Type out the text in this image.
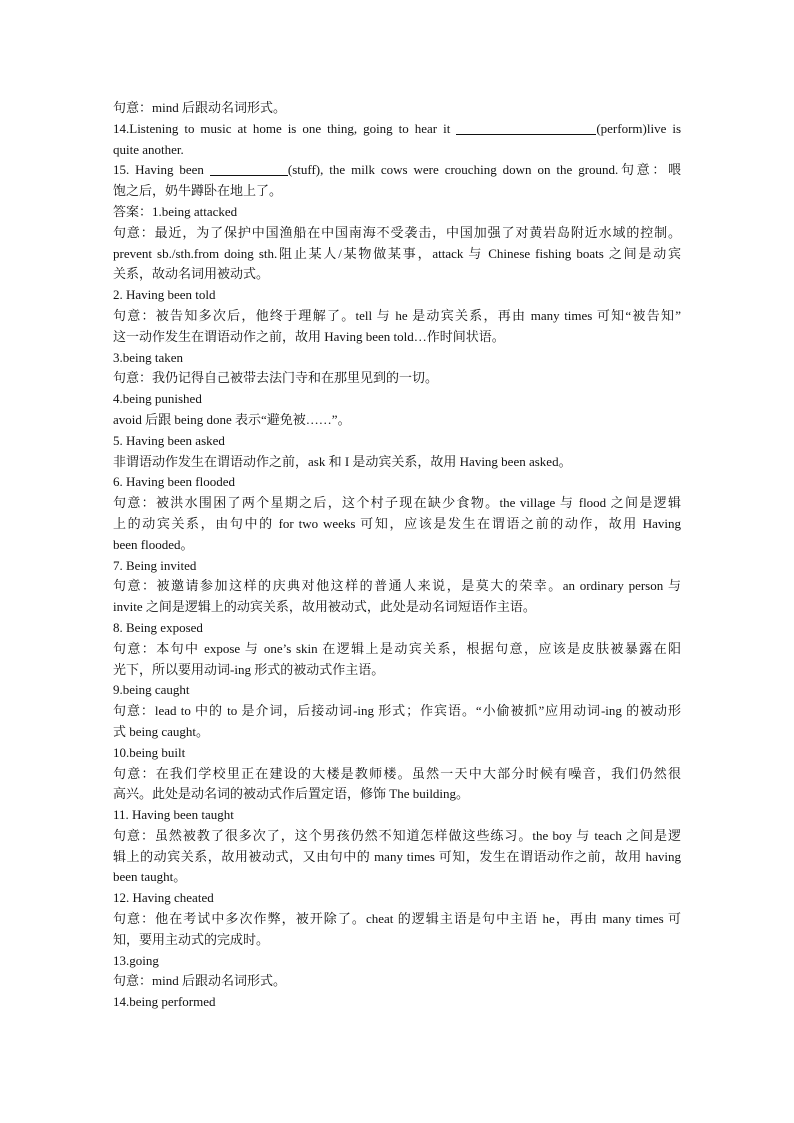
句意：mind 后跟动名词形式。
14.Listening to music at home is one thing, going to hear it	(perform)live is
quite another.
15. Having been	(stuff), the milk cows were crouching down on the ground.句意：喂
饱之后，奶牛蹲卧在地上了。
答案：1.being attacked
句意：最近，为了保护中国渔船在中国南海不受袭击，中国加强了对黄岩岛附近水域的控制。
prevent sb./sth.from doing sth.阻止某人/某物做某事，attack 与 Chinese fishing boats 之间是动宾
关系，故动名词用被动式。
2. Having been told
句意：被告知多次后，他终于理解了。tell 与 he 是动宾关系，再由 many times 可知“被告知”
这一动作发生在谓语动作之前，故用 Having been told…作时间状语。
3.being taken
句意：我仍记得自己被带去法门寺和在那里见到的一切。
4.being punished
avoid 后跟 being done 表示“避免被……”。
5. Having been asked
非谓语动作发生在谓语动作之前，ask 和 I 是动宾关系，故用 Having been asked。
6. Having been flooded
句意：被洪水围困了两个星期之后，这个村子现在缺少食物。the village 与 flood 之间是逻辑
上的动宾关系，由句中的 for two weeks 可知，应该是发生在谓语之前的动作，故用 Having
been flooded。
7. Being invited
句意：被邀请参加这样的庆典对他这样的普通人来说，是莫大的荣幸。an ordinary person 与
invite 之间是逻辑上的动宾关系，故用被动式，此处是动名词短语作主语。
8. Being exposed
句意：本句中 expose 与 one’s skin 在逻辑上是动宾关系，根据句意，应该是皮肤被暴露在阳
光下，所以要用动词-ing 形式的被动式作主语。
9.being caught
句意：lead to 中的 to 是介词，后接动词-ing 形式；作宾语。“小偷被抓”应用动词-ing 的被动形
式 being caught。
10.being built
句意：在我们学校里正在建设的大楼是教师楼。虽然一天中大部分时候有噪音，我们仍然很
高兴。此处是动名词的被动式作后置定语，修饰 The building。
11. Having been taught
句意：虽然被教了很多次了，这个男孩仍然不知道怎样做这些练习。the boy 与 teach 之间是逻
辑上的动宾关系，故用被动式，又由句中的 many times 可知，发生在谓语动作之前，故用 having
been taught。
12. Having cheated
句意：他在考试中多次作弊，被开除了。cheat 的逻辑主语是句中主语 he，再由 many times 可
知，要用主动式的完成时。
13.going
句意：mind 后跟动名词形式。
14.being performed
